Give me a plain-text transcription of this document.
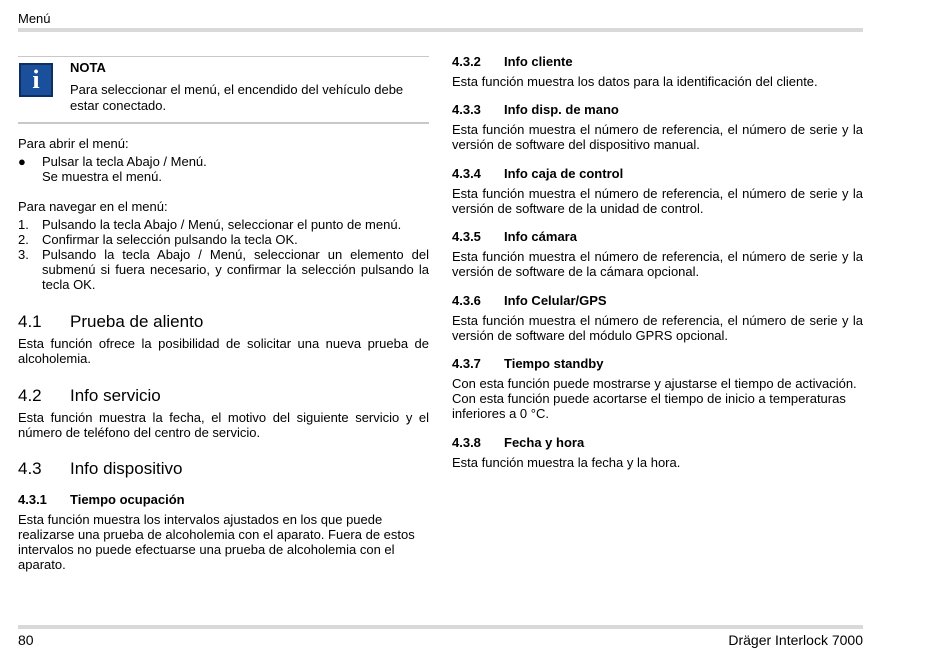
Menú
80	Dräger Interlock 7000
i	NOTA
Para seleccionar el menú, el encendido del vehículo debe estar conectado.
Para abrir el menú:
●	Pulsar la tecla Abajo / Menú.
Se muestra el menú.
Para navegar en el menú:
1.	Pulsando la tecla Abajo / Menú, seleccionar el punto de menú.
2.	Confirmar la selección pulsando la tecla OK.
3.	Pulsando la tecla Abajo / Menú, seleccionar un elemento del submenú si fuera necesario, y confirmar la selección pulsando la tecla OK.
4.1 Prueba de aliento
Esta función ofrece la posibilidad de solicitar una nueva prueba de alcoholemia.
4.2 Info servicio
Esta función muestra la fecha, el motivo del siguiente servicio y el número de teléfono del centro de servicio.
4.3 Info dispositivo
4.3.1 Tiempo ocupación
Esta función muestra los intervalos ajustados en los que puede realizarse una prueba de alcoholemia con el aparato. Fuera de estos intervalos no puede efectuarse una prueba de alcoholemia con el aparato.
4.3.2 Info cliente
Esta función muestra los datos para la identificación del cliente.
4.3.3 Info disp. de mano
Esta función muestra el número de referencia, el número de serie y la versión de software del dispositivo manual.
4.3.4 Info caja de control
Esta función muestra el número de referencia, el número de serie y la versión de software de la unidad de control.
4.3.5 Info cámara
Esta función muestra el número de referencia, el número de serie y la versión de software de la cámara opcional.
4.3.6 Info Celular/GPS
Esta función muestra el número de referencia, el número de serie y la versión de software del módulo GPRS opcional.
4.3.7 Tiempo standby
Con esta función puede mostrarse y ajustarse el tiempo de activación. Con esta función puede acortarse el tiempo de inicio a temperaturas inferiores a 0 °C.
4.3.8 Fecha y hora
Esta función muestra la fecha y la hora.
